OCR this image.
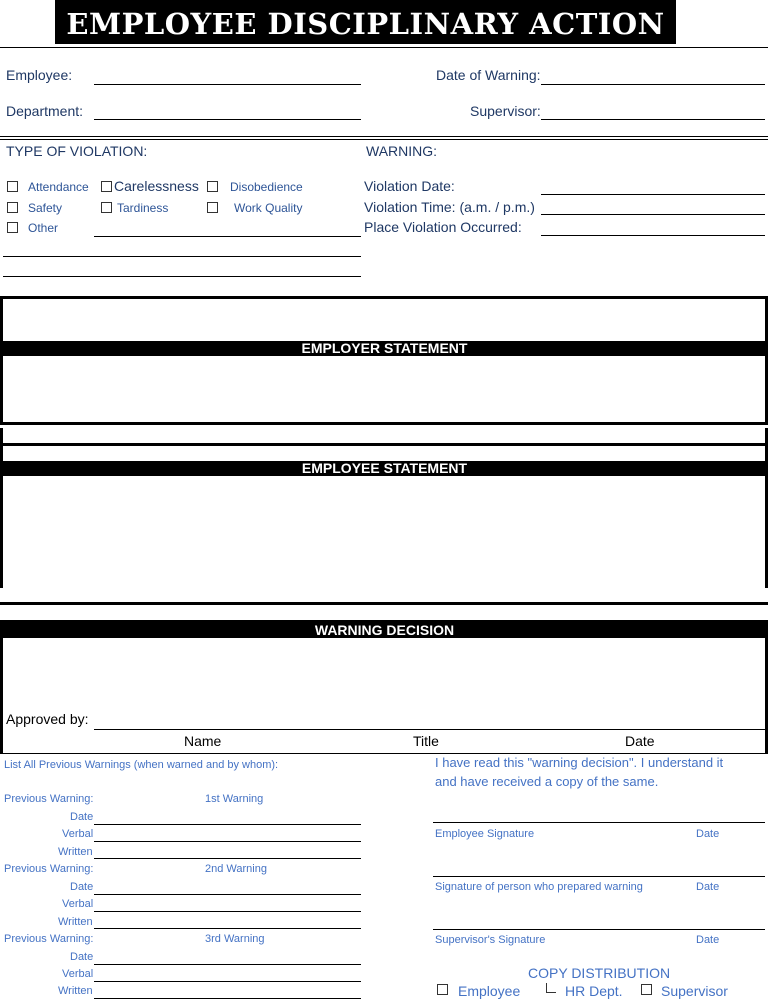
EMPLOYEE DISCIPLINARY ACTION FORM
Employee:	Date of Warning:
Department:	Supervisor:
TYPE OF VIOLATION:
Attendance Carelessness	Disobedience
Safety	Tardiness	Work Quality
Other
WARNING:
Violation Date:
Violation Time: (a.m. / p.m.)
Place Violation Occurred:
EMPLOYER STATEMENT
EMPLOYEE STATEMENT
WARNING DECISION
Approved by:
Name	Title	Date
List All Previous Warnings (when warned and by whom):
Previous Warning:	1st Warning
Date
Verbal
Written
Previous Warning:	2nd Warning
Date
Verbal
Written
Previous Warning:	3rd Warning
Date
Verbal
Written
I have read this "warning decision". I understand it
and have received a copy of the same.
Employee Signature	Date
Signature of person who prepared warning	Date
Supervisor's Signature	Date
COPY DISTRIBUTION
Employee	HR Dept.	Supervisor
